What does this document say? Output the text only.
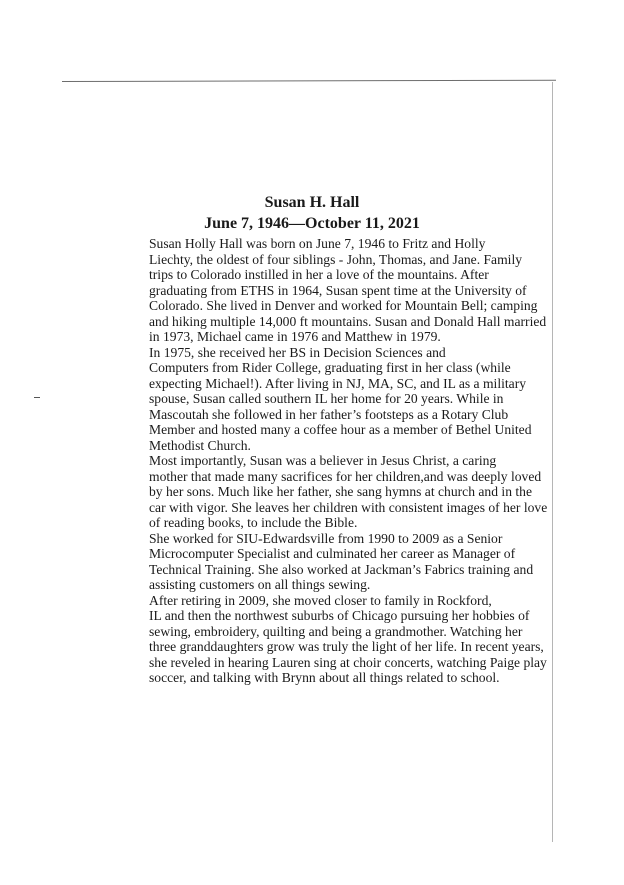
Susan H. Hall
June 7, 1946—October 11, 2021

Susan Holly Hall was born on June 7, 1946 to Fritz and Holly
Liechty, the oldest of four siblings - John, Thomas, and Jane. Family
trips to Colorado instilled in her a love of the mountains. After
graduating from ETHS in 1964, Susan spent time at the University of
Colorado. She lived in Denver and worked for Mountain Bell; camping
and hiking multiple 14,000 ft mountains. Susan and Donald Hall married
in 1973, Michael came in 1976 and Matthew in 1979.

In 1975, she received her BS in Decision Sciences and
Computers from Rider College, graduating first in her class (while
expecting Michael!). After living in NJ, MA, SC, and IL as a military
spouse, Susan called southern IL her home for 20 years. While in
Mascoutah she followed in her father’s footsteps as a Rotary Club
Member and hosted many a coffee hour as a member of Bethel United
Methodist Church.

Most importantly, Susan was a believer in Jesus Christ, a caring
mother that made many sacrifices for her children,and was deeply loved
by her sons. Much like her father, she sang hymns at church and in the
car with vigor. She leaves her children with consistent images of her love
of reading books, to include the Bible.

She worked for SIU-Edwardsville from 1990 to 2009 as a Senior
Microcomputer Specialist and culminated her career as Manager of
Technical Training. She also worked at Jackman’s Fabrics training and
assisting customers on all things sewing.

After retiring in 2009, she moved closer to family in Rockford,
IL and then the northwest suburbs of Chicago pursuing her hobbies of
sewing, embroidery, quilting and being a grandmother. Watching her
three granddaughters grow was truly the light of her life. In recent years,
she reveled in hearing Lauren sing at choir concerts, watching Paige play
soccer, and talking with Brynn about all things related to school.
